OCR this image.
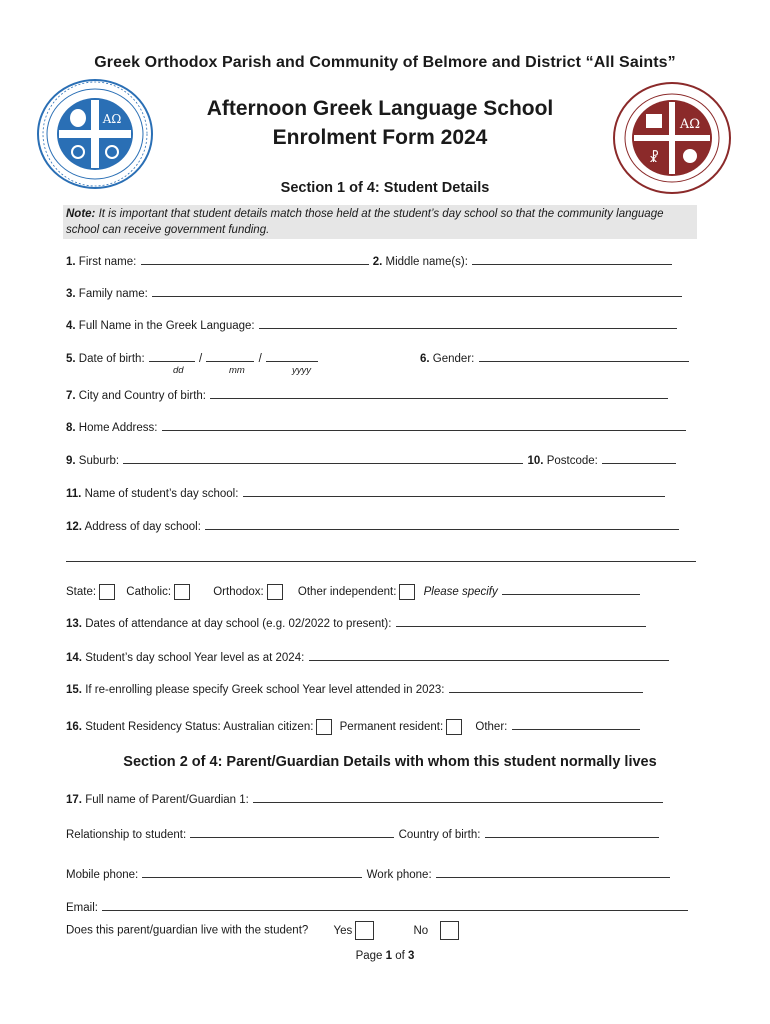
Greek Orthodox Parish and Community of Belmore and District “All Saints”
ΑΩ	Afternoon Greek Language School
Enrolment Form 2024
ΑΩ
☧
Section 1 of 4: Student Details
Note: It is important that student details match those held at the student’s day school so that the community language school can receive government funding.
1. First name:	2. Middle name(s):
3. Family name:
4. Full Name in the Greek Language:
5. Date of birth:	/	/
dd	mm	yyyy
6. Gender:
7. City and Country of birth:
8. Home Address:
9. Suburb:	10. Postcode:
11. Name of student’s day school:
12. Address of day school:
State:	Catholic:	Orthodox:	Other independent: Please specify
13. Dates of attendance at day school (e.g. 02/2022 to present):
14. Student’s day school Year level as at 2024:
15. If re-enrolling please specify Greek school Year level attended in 2023:
16. Student Residency Status: Australian citizen: Permanent resident:	Other:
Section 2 of 4: Parent/Guardian Details with whom this student normally lives
17. Full name of Parent/Guardian 1:
Relationship to student:	Country of birth:
Mobile phone:	Work phone:
Email:
Does this parent/guardian live with the student? Yes	No
Page 1 of 3
